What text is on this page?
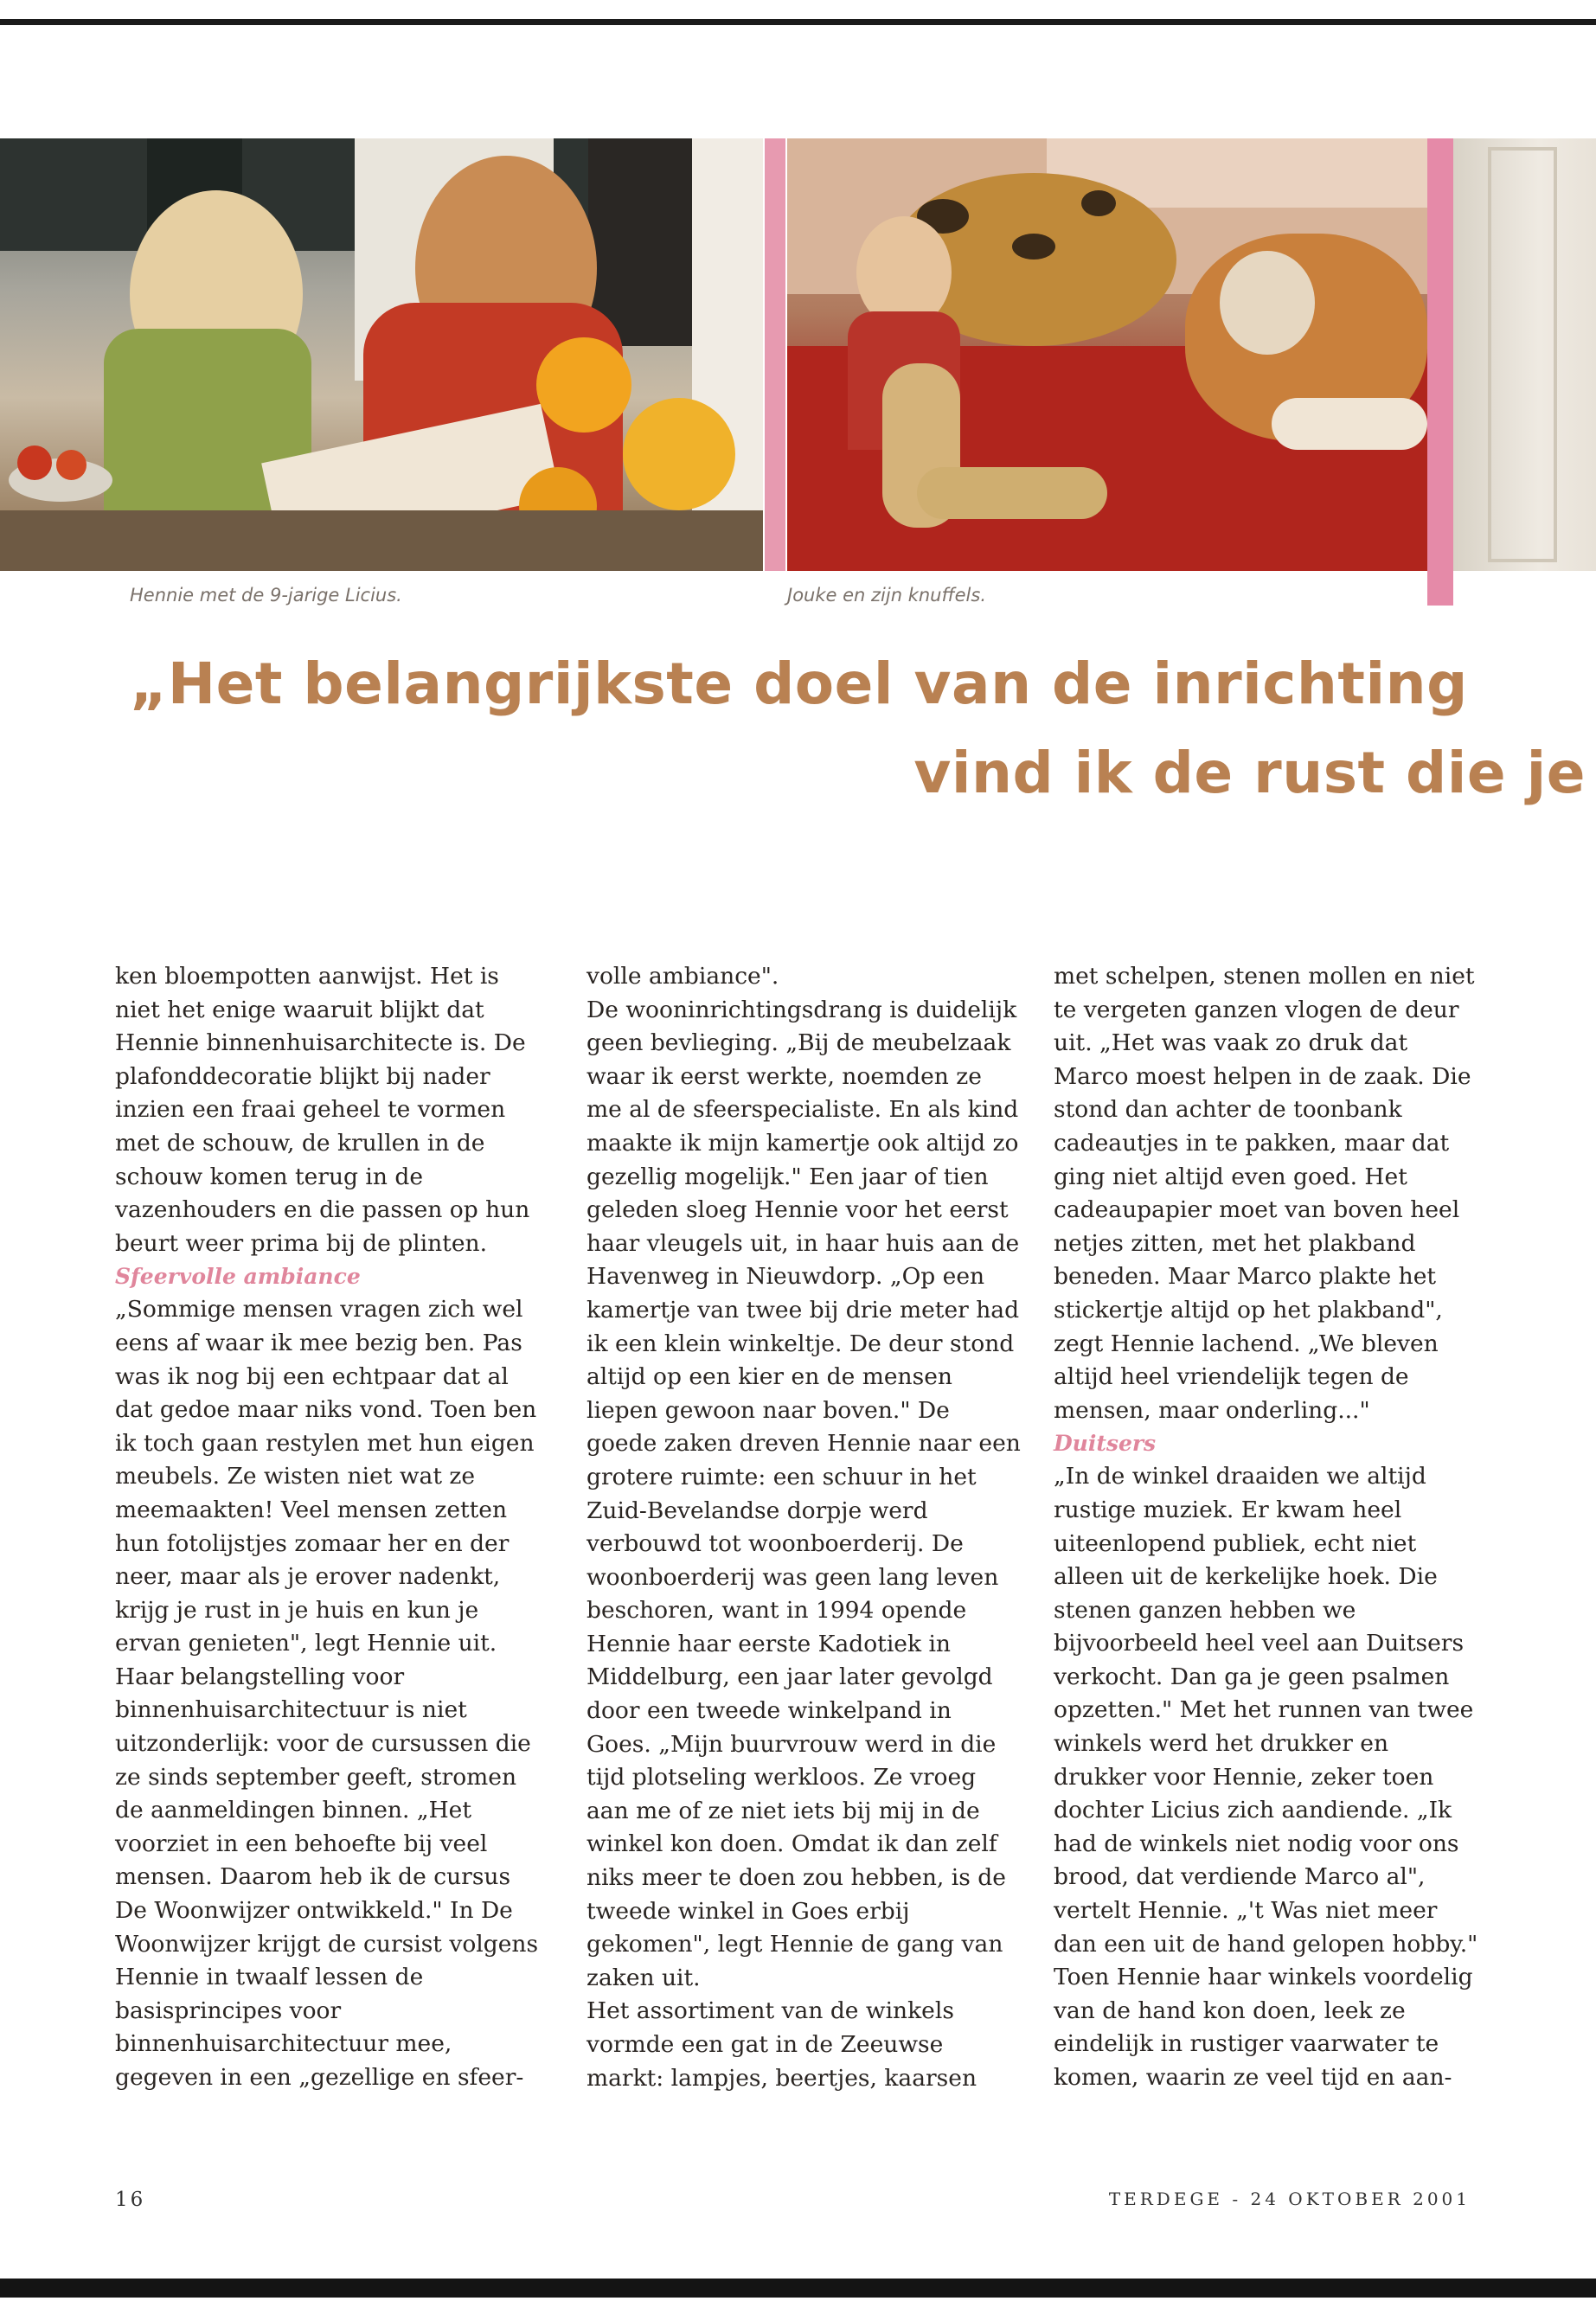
Hennie met de 9-jarige Licius.	Jouke en zijn knuffels.
„Het belangrijkste doel van de inrichting
vind ik de rust die je

ken bloempotten aanwijst. Het is niet het enige waaruit blijkt dat Hennie binnenhuisarchitecte is. De plafonddecoratie blijkt bij nader inzien een fraai geheel te vormen met de schouw, de krullen in de schouw komen terug in de vazenhouders en die passen op hun beurt weer prima bij de plinten.

Sfeervolle ambiance

„Sommige mensen vragen zich wel eens af waar ik mee bezig ben. Pas was ik nog bij een echtpaar dat al dat gedoe maar niks vond. Toen ben ik toch gaan restylen met hun eigen meubels. Ze wisten niet wat ze meemaakten! Veel mensen zetten hun fotolijstjes zomaar her en der neer, maar als je erover nadenkt, krijg je rust in je huis en kun je ervan genieten", legt Hennie uit.

Haar belangstelling voor binnenhuisarchitectuur is niet uitzonderlijk: voor de cursussen die ze sinds september geeft, stromen de aanmeldingen binnen. „Het voorziet in een behoefte bij veel mensen. Daarom heb ik de cursus De Woonwijzer ontwikkeld." In De Woonwijzer krijgt de cursist volgens Hennie in twaalf lessen de basisprincipes voor binnenhuisarchitectuur mee, gegeven in een „gezellige en sfeer-

volle ambiance".

De wooninrichtingsdrang is duidelijk geen bevlieging. „Bij de meubelzaak waar ik eerst werkte, noemden ze me al de sfeerspecialiste. En als kind maakte ik mijn kamertje ook altijd zo gezellig mogelijk." Een jaar of tien geleden sloeg Hennie voor het eerst haar vleugels uit, in haar huis aan de Havenweg in Nieuwdorp. „Op een kamertje van twee bij drie meter had ik een klein winkeltje. De deur stond altijd op een kier en de mensen liepen gewoon naar boven." De goede zaken dreven Hennie naar een grotere ruimte: een schuur in het Zuid-Bevelandse dorpje werd verbouwd tot woonboerderij. De woonboerderij was geen lang leven beschoren, want in 1994 opende Hennie haar eerste Kadotiek in Middelburg, een jaar later gevolgd door een tweede winkelpand in Goes. „Mijn buurvrouw werd in die tijd plotseling werkloos. Ze vroeg aan me of ze niet iets bij mij in de winkel kon doen. Omdat ik dan zelf niks meer te doen zou hebben, is de tweede winkel in Goes erbij gekomen", legt Hennie de gang van zaken uit.

Het assortiment van de winkels vormde een gat in de Zeeuwse markt: lampjes, beertjes, kaarsen

met schelpen, stenen mollen en niet te vergeten ganzen vlogen de deur uit. „Het was vaak zo druk dat Marco moest helpen in de zaak. Die stond dan achter de toonbank cadeautjes in te pakken, maar dat ging niet altijd even goed. Het cadeaupapier moet van boven heel netjes zitten, met het plakband beneden. Maar Marco plakte het stickertje altijd op het plakband", zegt Hennie lachend. „We bleven altijd heel vriendelijk tegen de mensen, maar onderling..."

Duitsers

„In de winkel draaiden we altijd rustige muziek. Er kwam heel uiteenlopend publiek, echt niet alleen uit de kerkelijke hoek. Die stenen ganzen hebben we bijvoorbeeld heel veel aan Duitsers verkocht. Dan ga je geen psalmen opzetten." Met het runnen van twee winkels werd het drukker en drukker voor Hennie, zeker toen dochter Licius zich aandiende. „Ik had de winkels niet nodig voor ons brood, dat verdiende Marco al", vertelt Hennie. „'t Was niet meer dan een uit de hand gelopen hobby."

Toen Hennie haar winkels voordelig van de hand kon doen, leek ze eindelijk in rustiger vaarwater te komen, waarin ze veel tijd en aan-

16	TERDEGE - 24 OKTOBER 2001
